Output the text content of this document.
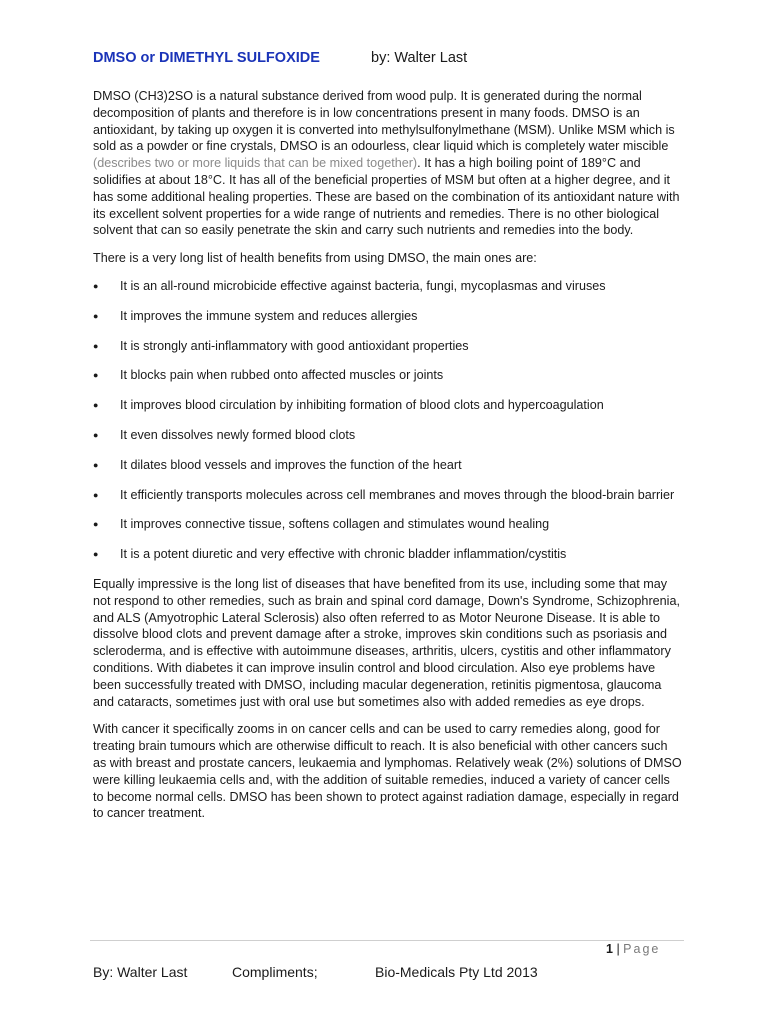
DMSO or DIMETHYL SULFOXIDE	by: Walter Last

DMSO (CH3)2SO is a natural substance derived from wood pulp. It is generated during the normal decomposition of plants and therefore is in low concentrations present in many foods. DMSO is an antioxidant, by taking up oxygen it is converted into methylsulfonylmethane (MSM). Unlike MSM which is sold as a powder or fine crystals, DMSO is an odourless, clear liquid which is completely water miscible (describes two or more liquids that can be mixed together). It has a high boiling point of 189°C and solidifies at about 18°C. It has all of the beneficial properties of MSM but often at a higher degree, and it has some additional healing properties. These are based on the combination of its antioxidant nature with its excellent solvent properties for a wide range of nutrients and remedies. There is no other biological solvent that can so easily penetrate the skin and carry such nutrients and remedies into the body.

There is a very long list of health benefits from using DMSO, the main ones are:

● It is an all-round microbicide effective against bacteria, fungi, mycoplasmas and viruses
● It improves the immune system and reduces allergies
● It is strongly anti-inflammatory with good antioxidant properties
● It blocks pain when rubbed onto affected muscles or joints
● It improves blood circulation by inhibiting formation of blood clots and hypercoagulation
● It even dissolves newly formed blood clots
● It dilates blood vessels and improves the function of the heart
● It efficiently transports molecules across cell membranes and moves through the blood-brain barrier
● It improves connective tissue, softens collagen and stimulates wound healing
● It is a potent diuretic and very effective with chronic bladder inflammation/cystitis

Equally impressive is the long list of diseases that have benefited from its use, including some that may not respond to other remedies, such as brain and spinal cord damage, Down's Syndrome, Schizophrenia, and ALS (Amyotrophic Lateral Sclerosis) also often referred to as Motor Neurone Disease. It is able to dissolve blood clots and prevent damage after a stroke, improves skin conditions such as psoriasis and scleroderma, and is effective with autoimmune diseases, arthritis, ulcers, cystitis and other inflammatory conditions. With diabetes it can improve insulin control and blood circulation. Also eye problems have been successfully treated with DMSO, including macular degeneration, retinitis pigmentosa, glaucoma and cataracts, sometimes just with oral use but sometimes also with added remedies as eye drops.

With cancer it specifically zooms in on cancer cells and can be used to carry remedies along, good for treating brain tumours which are otherwise difficult to reach. It is also beneficial with other cancers such as with breast and prostate cancers, leukaemia and lymphomas. Relatively weak (2%) solutions of DMSO were killing leukaemia cells and, with the addition of suitable remedies, induced a variety of cancer cells to become normal cells. DMSO has been shown to protect against radiation damage, especially in regard to cancer treatment.

1 | Page
By: Walter Last	Compliments;	Bio-Medicals Pty Ltd 2013
